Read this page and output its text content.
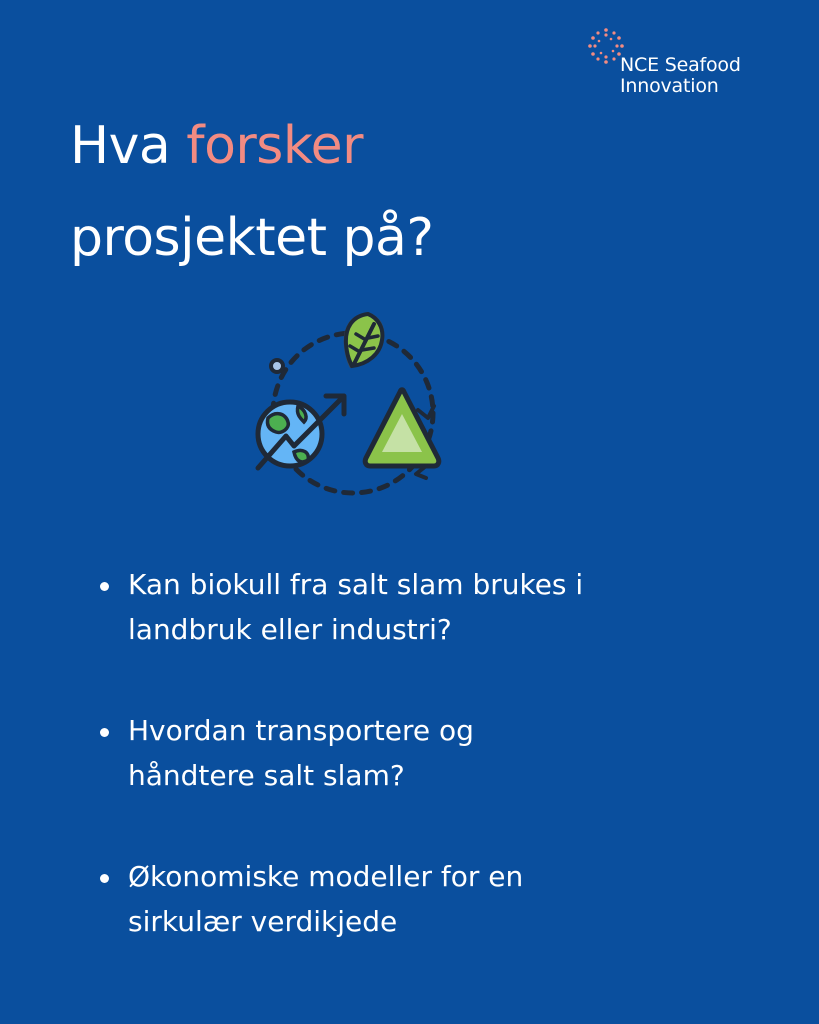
NCE Seafood
Innovation
Hva forsker
prosjektet på?
Kan biokull fra salt slam brukes i
landbruk eller industri?
Hvordan transportere og
håndtere salt slam?
Økonomiske modeller for en
sirkulær verdikjede
